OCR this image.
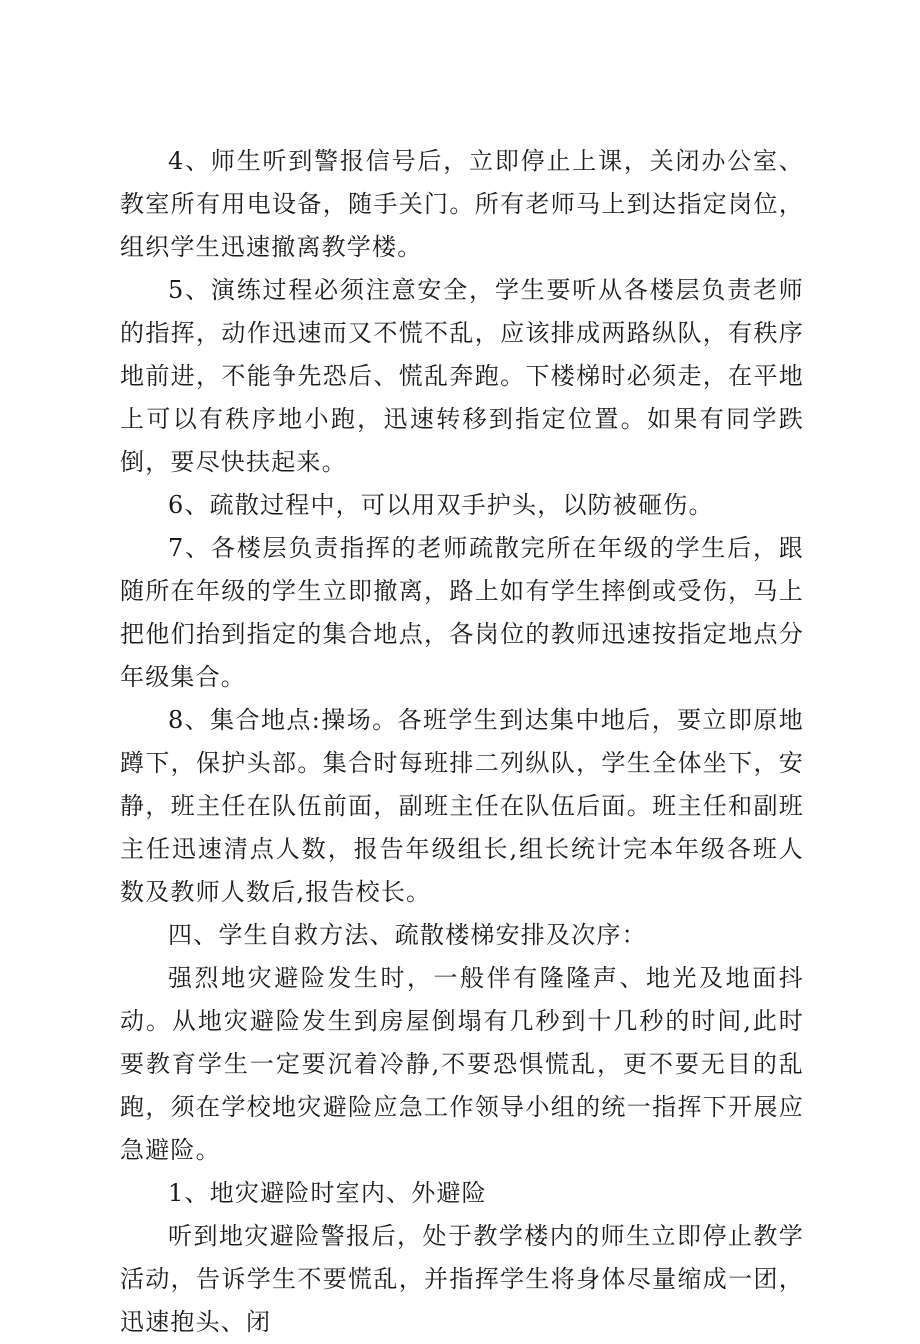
4、师生听到警报信号后，立即停止上课，关闭办公室、教室所有用电设备，随手关门。所有老师马上到达指定岗位，组织学生迅速撤离教学楼。

5、演练过程必须注意安全，学生要听从各楼层负责老师的指挥，动作迅速而又不慌不乱，应该排成两路纵队，有秩序地前进，不能争先恐后、慌乱奔跑。下楼梯时必须走，在平地上可以有秩序地小跑，迅速转移到指定位置。如果有同学跌倒，要尽快扶起来。

6、疏散过程中，可以用双手护头，以防被砸伤。

7、各楼层负责指挥的老师疏散完所在年级的学生后，跟随所在年级的学生立即撤离，路上如有学生摔倒或受伤，马上把他们抬到指定的集合地点，各岗位的教师迅速按指定地点分年级集合。

8、集合地点:操场。各班学生到达集中地后，要立即原地蹲下，保护头部。集合时每班排二列纵队，学生全体坐下，安静，班主任在队伍前面，副班主任在队伍后面。班主任和副班主任迅速清点人数，报告年级组长,组长统计完本年级各班人数及教师人数后,报告校长。

四、学生自救方法、疏散楼梯安排及次序：

强烈地灾避险发生时，一般伴有隆隆声、地光及地面抖动。从地灾避险发生到房屋倒塌有几秒到十几秒的时间,此时要教育学生一定要沉着冷静,不要恐惧慌乱，更不要无目的乱跑，须在学校地灾避险应急工作领导小组的统一指挥下开展应急避险。

1、地灾避险时室内、外避险

听到地灾避险警报后，处于教学楼内的师生立即停止教学活动，告诉学生不要慌乱，并指挥学生将身体尽量缩成一团，迅速抱头、闭
